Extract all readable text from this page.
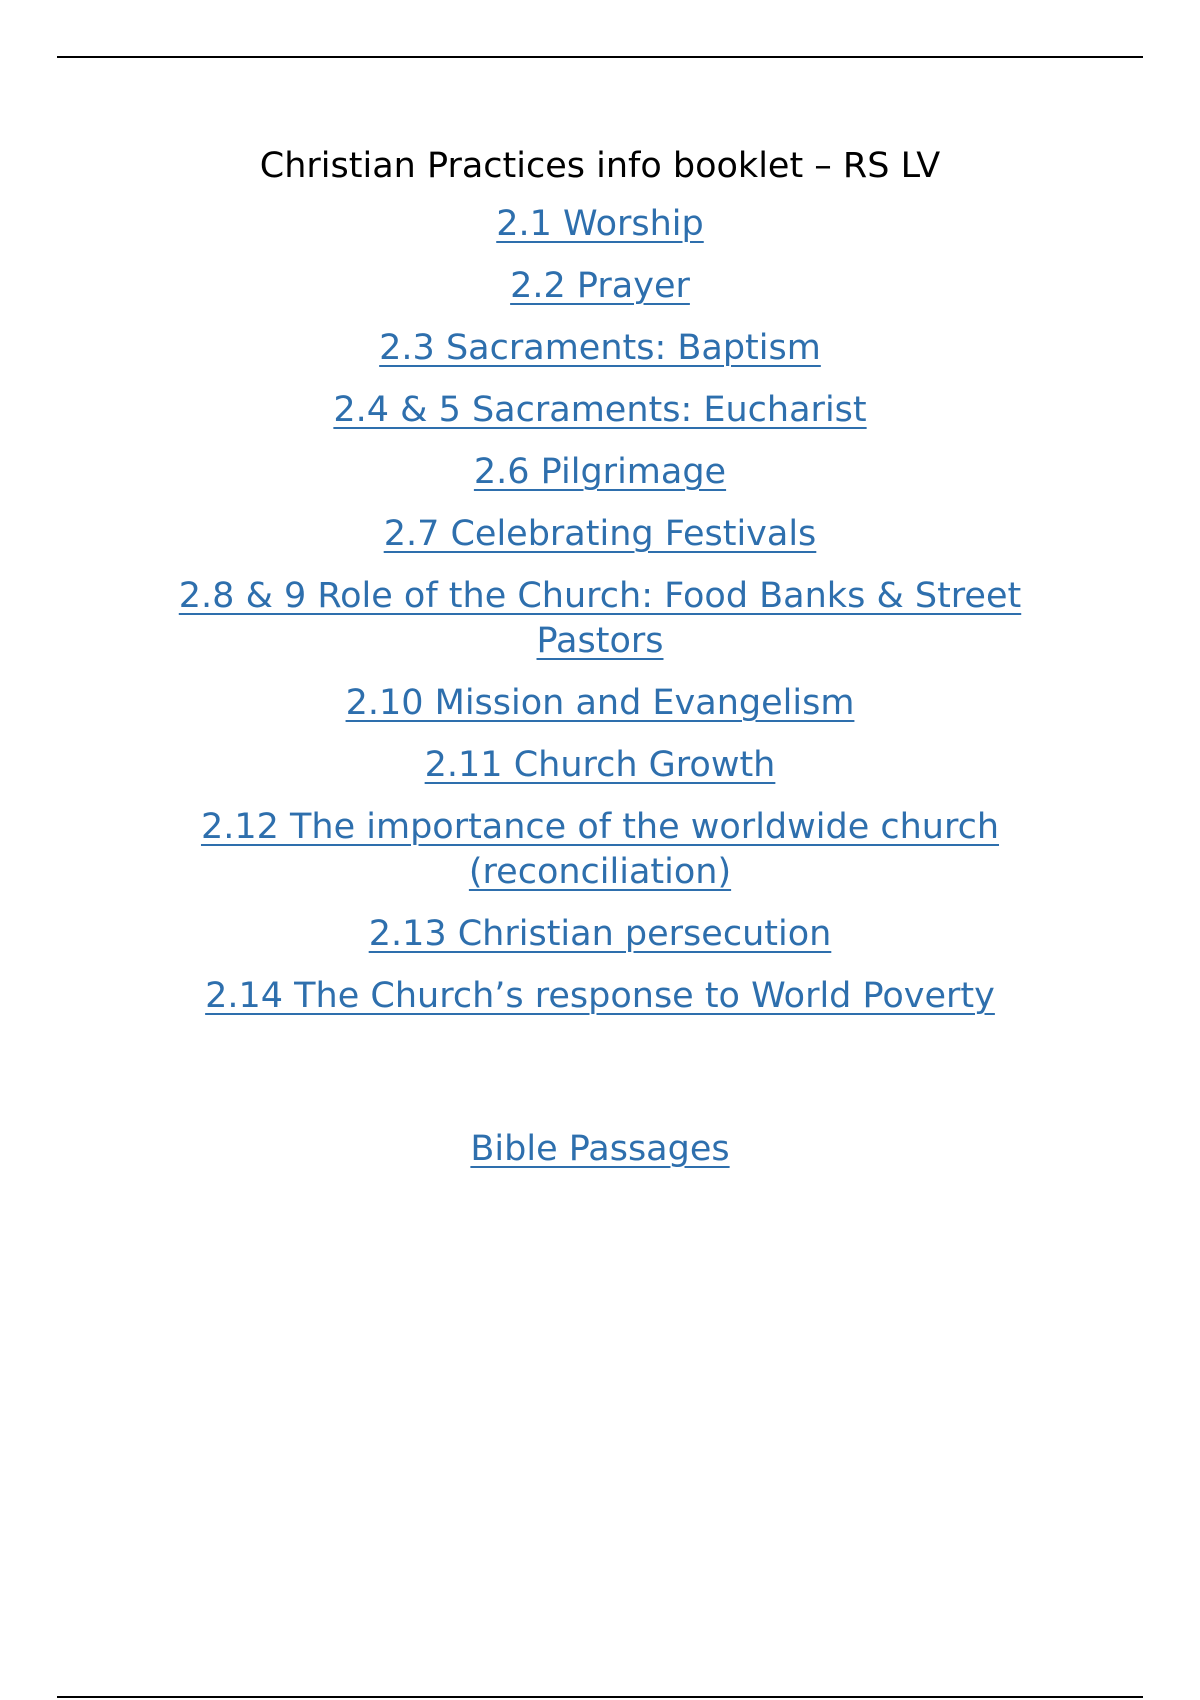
Christian Practices info booklet – RS LV
2.1 Worship
2.2 Prayer
2.3 Sacraments: Baptism
2.4 & 5 Sacraments: Eucharist
2.6 Pilgrimage
2.7 Celebrating Festivals
2.8 & 9 Role of the Church: Food Banks & Street Pastors
2.10 Mission and Evangelism
2.11 Church Growth
2.12 The importance of the worldwide church (reconciliation)
2.13 Christian persecution
2.14 The Church’s response to World Poverty
Bible Passages
